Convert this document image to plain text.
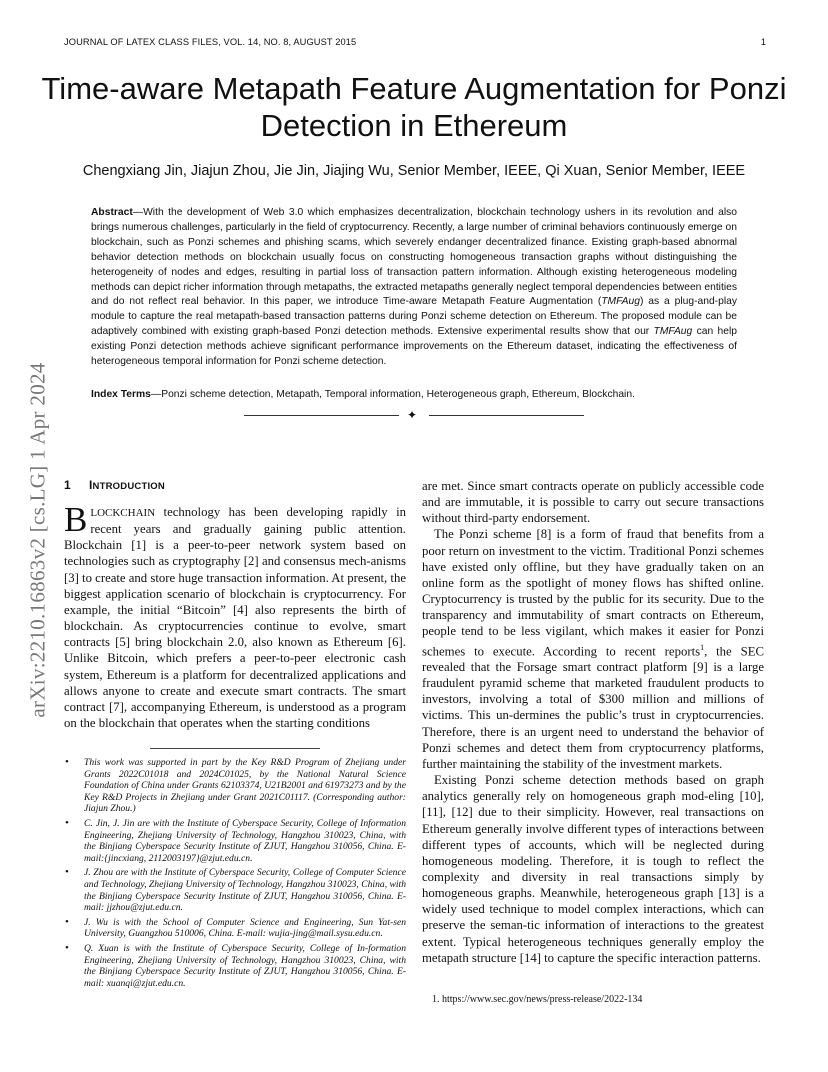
JOURNAL OF LATEX CLASS FILES, VOL. 14, NO. 8, AUGUST 2015	1
Time-aware Metapath Feature Augmentation for Ponzi Detection in Ethereum
Chengxiang Jin, Jiajun Zhou, Jie Jin, Jiajing Wu, Senior Member, IEEE, Qi Xuan, Senior Member, IEEE

Abstract—With the development of Web 3.0 which emphasizes decentralization, blockchain technology ushers in its revolution and also brings numerous challenges, particularly in the field of cryptocurrency. Recently, a large number of criminal behaviors continuously emerge on blockchain, such as Ponzi schemes and phishing scams, which severely endanger decentralized finance. Existing graph-based abnormal behavior detection methods on blockchain usually focus on constructing homogeneous transaction graphs without distinguishing the heterogeneity of nodes and edges, resulting in partial loss of transaction pattern information. Although existing heterogeneous modeling methods can depict richer information through metapaths, the extracted metapaths generally neglect temporal dependencies between entities and do not reflect real behavior. In this paper, we introduce Time-aware Metapath Feature Augmentation (TMFAug) as a plug-and-play module to capture the real metapath-based transaction patterns during Ponzi scheme detection on Ethereum. The proposed module can be adaptively combined with existing graph-based Ponzi detection methods. Extensive experimental results show that our TMFAug can help existing Ponzi detection methods achieve significant performance improvements on the Ethereum dataset, indicating the effectiveness of heterogeneous temporal information for Ponzi scheme detection.

Index Terms—Ponzi scheme detection, Metapath, Temporal information, Heterogeneous graph, Ethereum, Blockchain.

✦
arXiv:2210.16863v2 [cs.LG] 1 Apr 2024 1 INTRODUCTION

BLOCKCHAIN technology has been developing rapidly in recent years and gradually gaining public attention. Blockchain [1] is a peer-to-peer network system based on technologies such as cryptography [2] and consensus mech-anisms [3] to create and store huge transaction information. At present, the biggest application scenario of blockchain is cryptocurrency. For example, the initial “Bitcoin” [4] also represents the birth of blockchain. As cryptocurrencies continue to evolve, smart contracts [5] bring blockchain 2.0, also known as Ethereum [6]. Unlike Bitcoin, which prefers a peer-to-peer electronic cash system, Ethereum is a platform for decentralized applications and allows anyone to create and execute smart contracts. The smart contract [7], accompanying Ethereum, is understood as a program on the blockchain that operates when the starting conditions

• This work was supported in part by the Key R&D Program of Zhejiang under Grants 2022C01018 and 2024C01025, by the National Natural Science Foundation of China under Grants 62103374, U21B2001 and 61973273 and by the Key R&D Projects in Zhejiang under Grant 2021C01117. (Corresponding author: Jiajun Zhou.)
• C. Jin, J. Jin are with the Institute of Cyberspace Security, College of Information Engineering, Zhejiang University of Technology, Hangzhou 310023, China, with the Binjiang Cyberspace Security Institute of ZJUT, Hangzhou 310056, China. E-mail:{jincxiang, 2112003197}@zjut.edu.cn.
• J. Zhou are with the Institute of Cyberspace Security, College of Computer Science and Technology, Zhejiang University of Technology, Hangzhou 310023, China, with the Binjiang Cyberspace Security Institute of ZJUT, Hangzhou 310056, China. E-mail: jjzhou@zjut.edu.cn.
• J. Wu is with the School of Computer Science and Engineering, Sun Yat-sen University, Guangzhou 510006, China. E-mail: wujia-jing@mail.sysu.edu.cn.
• Q. Xuan is with the Institute of Cyberspace Security, College of In-formation Engineering, Zhejiang University of Technology, Hangzhou 310023, China, with the Binjiang Cyberspace Security Institute of ZJUT, Hangzhou 310056, China. E-mail: xuanqi@zjut.edu.cn.

are met. Since smart contracts operate on publicly accessible code and are immutable, it is possible to carry out secure transactions without third-party endorsement.

The Ponzi scheme [8] is a form of fraud that benefits from a poor return on investment to the victim. Traditional Ponzi schemes have existed only offline, but they have gradually taken on an online form as the spotlight of money flows has shifted online. Cryptocurrency is trusted by the public for its security. Due to the transparency and immutability of smart contracts on Ethereum, people tend to be less vigilant, which makes it easier for Ponzi schemes to execute. According to recent reports$^1$, the SEC revealed that the Forsage smart contract platform [9] is a large fraudulent pyramid scheme that marketed fraudulent products to investors, involving a total of $300 million and millions of victims. This un-dermines the public’s trust in cryptocurrencies. Therefore, there is an urgent need to understand the behavior of Ponzi schemes and detect them from cryptocurrency platforms, further maintaining the stability of the investment markets.

Existing Ponzi scheme detection methods based on graph analytics generally rely on homogeneous graph mod-eling [10], [11], [12] due to their simplicity. However, real transactions on Ethereum generally involve different types of interactions between different types of accounts, which will be neglected during homogeneous modeling. Therefore, it is tough to reflect the complexity and diversity in real transactions simply by homogeneous graphs. Meanwhile, heterogeneous graph [13] is a widely used technique to model complex interactions, which can preserve the seman-tic information of interactions to the greatest extent. Typical heterogeneous techniques generally employ the metapath structure [14] to capture the specific interaction patterns.

1. https://www.sec.gov/news/press-release/2022-134
